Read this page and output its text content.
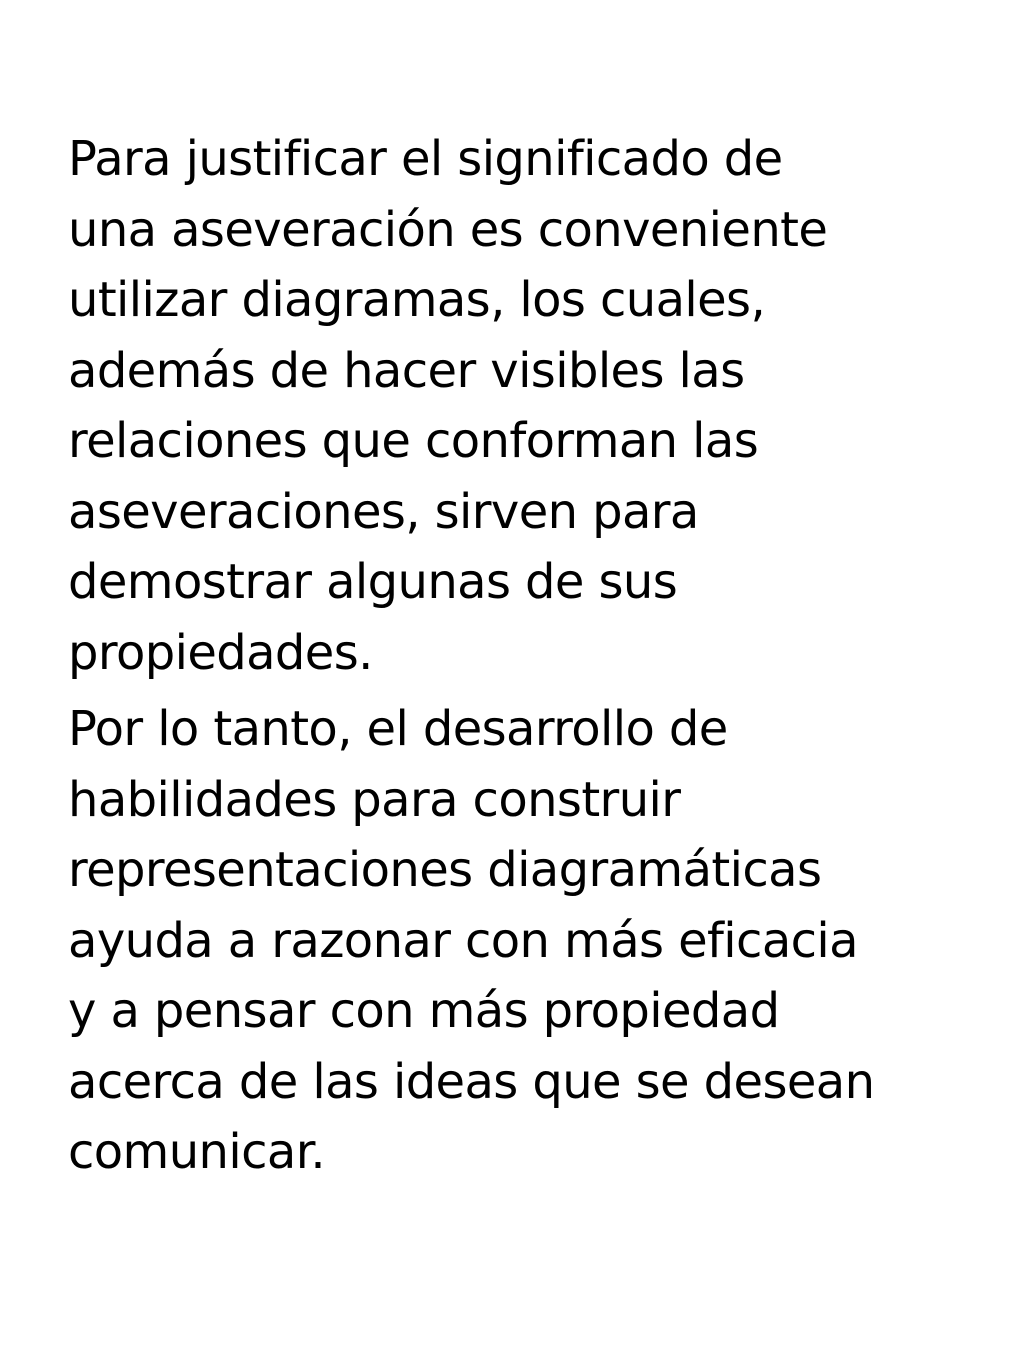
Para justificar el significado de
una aseveración es conveniente
utilizar diagramas, los cuales,
además de hacer visibles las
relaciones que conforman las
aseveraciones, sirven para
demostrar algunas de sus
propiedades.

Por lo tanto, el desarrollo de
habilidades para construir
representaciones diagramáticas
ayuda a razonar con más eficacia
y a pensar con más propiedad
acerca de las ideas que se desean
comunicar.
